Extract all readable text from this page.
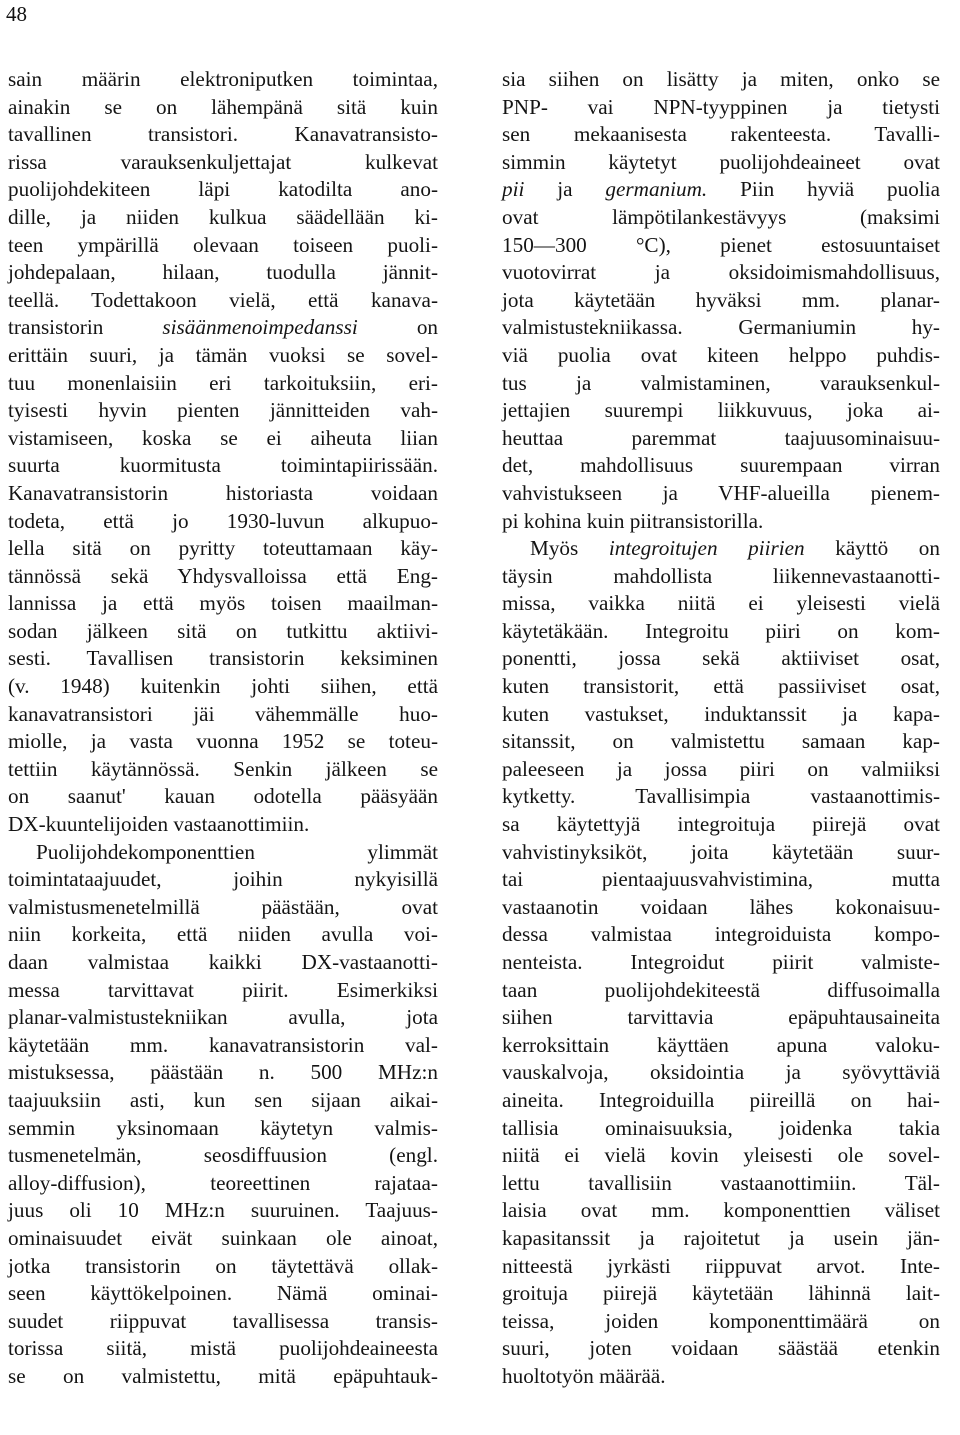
48
sain määrin elektroniputken toimintaa,
ainakin se on lähempänä sitä kuin
tavallinen transistori. Kanavatransisto-
rissa varauksenkuljettajat kulkevat
puolijohdekiteen läpi katodilta ano-
dille, ja niiden kulkua säädellään ki-
teen ympärillä olevaan toiseen puoli-
johdepalaan, hilaan, tuodulla jännit-
teellä. Todettakoon vielä, että kanava-
transistorin sisäänmenoimpedanssi on
erittäin suuri, ja tämän vuoksi se sovel-
tuu monenlaisiin eri tarkoituksiin, eri-
tyisesti hyvin pienten jännitteiden vah-
vistamiseen, koska se ei aiheuta liian
suurta kuormitusta toimintapiirissään.
Kanavatransistorin historiasta voidaan
todeta, että jo 1930-luvun alkupuo-
lella sitä on pyritty toteuttamaan käy-
tännössä sekä Yhdysvalloissa että Eng-
lannissa ja että myös toisen maailman-
sodan jälkeen sitä on tutkittu aktiivi-
sesti. Tavallisen transistorin keksiminen
(v. 1948) kuitenkin johti siihen, että
kanavatransistori jäi vähemmälle huo-
miolle, ja vasta vuonna 1952 se toteu-
tettiin käytännössä. Senkin jälkeen se
on saanut' kauan odotella pääsyään
DX-kuuntelijoiden vastaanottimiin.
Puolijohdekomponenttien ylimmät
toimintataajuudet, joihin nykyisillä
valmistusmenetelmillä päästään, ovat
niin korkeita, että niiden avulla voi-
daan valmistaa kaikki DX-vastaanotti-
messa tarvittavat piirit. Esimerkiksi
planar-valmistustekniikan avulla, jota
käytetään mm. kanavatransistorin val-
mistuksessa, päästään n. 500 MHz:n
taajuuksiin asti, kun sen sijaan aikai-
semmin yksinomaan käytetyn valmis-
tusmenetelmän, seosdiffuusion (engl.
alloy-diffusion), teoreettinen rajataa-
juus oli 10 MHz:n suuruinen. Taajuus-
ominaisuudet eivät suinkaan ole ainoat,
jotka transistorin on täytettävä ollak-
seen käyttökelpoinen. Nämä ominai-
suudet riippuvat tavallisessa transis-
torissa siitä, mistä puolijohdeaineesta
se on valmistettu, mitä epäpuhtauk-
sia siihen on lisätty ja miten, onko se
PNP- vai NPN-tyyppinen ja tietysti
sen mekaanisesta rakenteesta. Tavalli-
simmin käytetyt puolijohdeaineet ovat
pii ja germanium. Piin hyviä puolia
ovat lämpötilankestävyys (maksimi
150—300 °C), pienet estosuuntaiset
vuotovirrat ja oksidoimismahdollisuus,
jota käytetään hyväksi mm. planar-
valmistustekniikassa. Germaniumin hy-
viä puolia ovat kiteen helppo puhdis-
tus ja valmistaminen, varauksenkul-
jettajien suurempi liikkuvuus, joka ai-
heuttaa paremmat taajuusominaisuu-
det, mahdollisuus suurempaan virran
vahvistukseen ja VHF-alueilla pienem-
pi kohina kuin piitransistorilla.
Myös integroitujen piirien käyttö on
täysin mahdollista liikennevastaanotti-
missa, vaikka niitä ei yleisesti vielä
käytetäkään. Integroitu piiri on kom-
ponentti, jossa sekä aktiiviset osat,
kuten transistorit, että passiiviset osat,
kuten vastukset, induktanssit ja kapa-
sitanssit, on valmistettu samaan kap-
paleeseen ja jossa piiri on valmiiksi
kytketty. Tavallisimpia vastaanottimis-
sa käytettyjä integroituja piirejä ovat
vahvistinyksiköt, joita käytetään suur-
tai pientaajuusvahvistimina, mutta
vastaanotin voidaan lähes kokonaisuu-
dessa valmistaa integroiduista kompo-
nenteista. Integroidut piirit valmiste-
taan puolijohdekiteestä diffusoimalla
siihen tarvittavia epäpuhtausaineita
kerroksittain käyttäen apuna valoku-
vauskalvoja, oksidointia ja syövyttäviä
aineita. Integroiduilla piireillä on hai-
tallisia ominaisuuksia, joidenka takia
niitä ei vielä kovin yleisesti ole sovel-
lettu tavallisiin vastaanottimiin. Täl-
laisia ovat mm. komponenttien väliset
kapasitanssit ja rajoitetut ja usein jän-
nitteestä jyrkästi riippuvat arvot. Inte-
groituja piirejä käytetään lähinnä lait-
teissa, joiden komponenttimäärä on
suuri, joten voidaan säästää etenkin
huoltotyön määrää.
